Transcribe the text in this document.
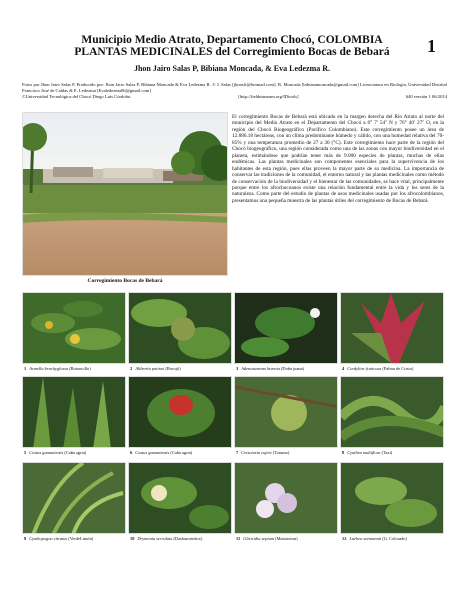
Municipio Medio Atrato, Departamento Chocó, COLOMBIA
PLANTAS MEDICINALES del Corregimiento Bocas de Bebará	1
Jhon Jairo Salas P, Bibiana Moncada, & Eva Ledezma R.
Fotos por Jhon Jairo Salas P. Producido por: Jhon Jairo Salas P, Bibiana Moncada & Eva Ledezma R. © J. Salas [jhonsfr@hotmail.com], B. Moncada [bibianamoncada@gmail.com] Licenciatura en Biología, Universidad Distrital Francisco José de Caldas & E. Ledezma [Evaledezma06@gmail.com]
©Universidad Tecnológica del Chocó Diego Luis Córdoba.	[http://fieldmuseum.org/IDtools]	640 versión 1 06/2014
Corregimiento Bocas de Bebará
El corregimiento Bocas de Bebará está ubicado en la margen derecha del Río Atrato al norte del municipio del Medio Atrato en el Departamento del Chocó a 6° 7' 54'' N y 76° 40' 27'' O, en la región del Chocó Biogeográfico (Pacífico Colombiano). Este corregimiento posee un área de 12.886.18 hectáreas, con un clima predominante húmedo y cálido, con una humedad relativa del 70- 85% y una temperatura promedio de 27 a 30 (°C). Este corregimiento hace parte de la región del Chocó biogeográfico, una región considerada como una de las zonas con mayor biodiversidad en el planeta, estimándose que podrían tener más de 9.000 especies de plantas, muchas de ellas endémicas. Las plantas medicinales son componentes esenciales para la supervivencia de los habitantes de esta región, pues ellas proveen la mayor parte de su medicina. La importancia de conservar las tradiciones de la comunidad, el entorno natural y las plantas medicinales como método de conservación de la biodiversidad y el bienestar de las comunidades, se hace vital, principalmente porque entre los afrochocoanos existe una relación fundamental entre la vida y los seres de la naturaleza. Como parte del estudio de plantas de usos medicinales usadas por los afrocolombianos, presentamos una pequeña muestra de las plantas útiles del corregimiento de Bocas de Bebará.
1 Acmella brachyglossa (Botoncillo)	2 Aliberita patinoi (Borojó)	3 Adenostemma lavenia (Doña juana)	4 Cordyline fruticosa (Palma de Cristo)
5 Costus guanaiensis (Caña agria)	6 Costus guanaiensis (Caña agria)	7 Crescentia cujete (Totumo)	8 Cyathea multiflora (Taxi)
9 Cymbopogon citratus (VerdeLimón)	10 Drymonia serrulata (Dasbarrotedox)	11 Gliricidia sepium (Matarraton)	12 Luehea seemannii (G. Colorado)
